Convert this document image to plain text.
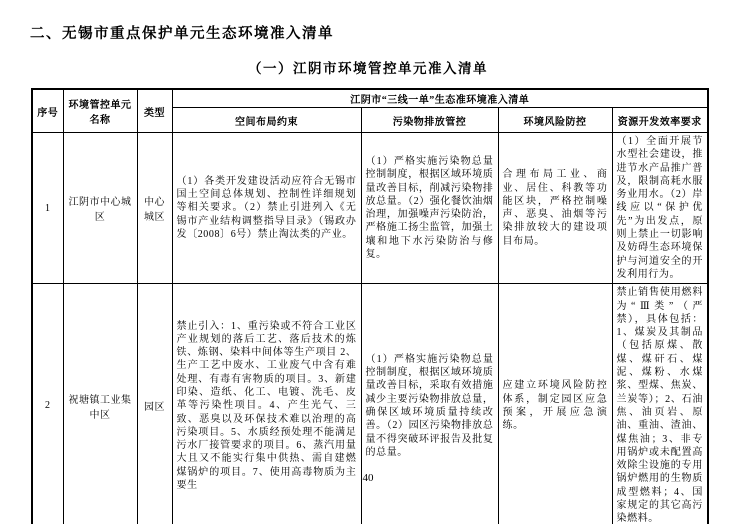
二、无锡市重点保护单元生态环境准入清单
（一）江阴市环境管控单元准入清单
序号	环境管控单元名称	类型	江阴市“三线一单”生态准环境准入清单			
			空间布局约束	污染物排放管控	环境风险防控	资源开发效率要求
1	江阴市中心城区	中心城区	（1）各类开发建设活动应符合无锡市国土空间总体规划、控制性详细规划等相关要求。（2）禁止引进列入《无锡市产业结构调整指导目录》（锡政办发〔2008〕6号）禁止淘汰类的产业。	（1）严格实施污染物总量控制制度，根据区域环境质量改善目标，削减污染物排放总量。（2）强化餐饮油烟治理，加强噪声污染防治，严格施工扬尘监管，加强土壤和地下水污染防治与修复。	合理布局工业、商业、居住、科教等功能区块，严格控制噪声、恶臭、油烟等污染排放较大的建设项目布局。	（1）全面开展节水型社会建设，推进节水产品推广普及，限制高耗水服务业用水。（2）岸线应以“保护优先”为出发点，原则上禁止一切影响及妨碍生态环境保护与河道安全的开发利用行为。
2	祝塘镇工业集中区	园区	禁止引入：1、重污染或不符合工业区产业规划的落后工艺、落后技术的炼铁、炼钢、染料中间体等生产项目 2、生产工艺中废水、工业废气中含有难处理、有毒有害物质的项目。3、新建印染、造纸、化工、电镀、洗毛、皮革等污染性项目。4、产生光气、三致、恶臭以及环保技术难以治理的高污染项目。5、水质经预处理不能满足污水厂接管要求的项目。6、蒸汽用量大且又不能实行集中供热、需自建燃煤锅炉的项目。7、使用高毒物质为主要生	（1）严格实施污染物总量控制制度，根据区域环境质量改善目标，采取有效措施减少主要污染物排放总量，确保区域环境质量持续改善。（2）园区污染物排放总量不得突破环评报告及批复的总量。	应建立环境风险防控体系，制定园区应急预案，开展应急演练。	禁止销售使用燃料为“Ⅲ类”（严禁），具体包括：1、煤炭及其制品（包括原煤、散煤、煤矸石、煤泥、煤粉、水煤浆、型煤、焦炭、兰炭等）；2、石油焦、油页岩、原油、重油、渣油、煤焦油；3、非专用锅炉或未配置高效除尘设施的专用锅炉燃用的生物质成型燃料；4、国家规定的其它高污染燃料。
40
